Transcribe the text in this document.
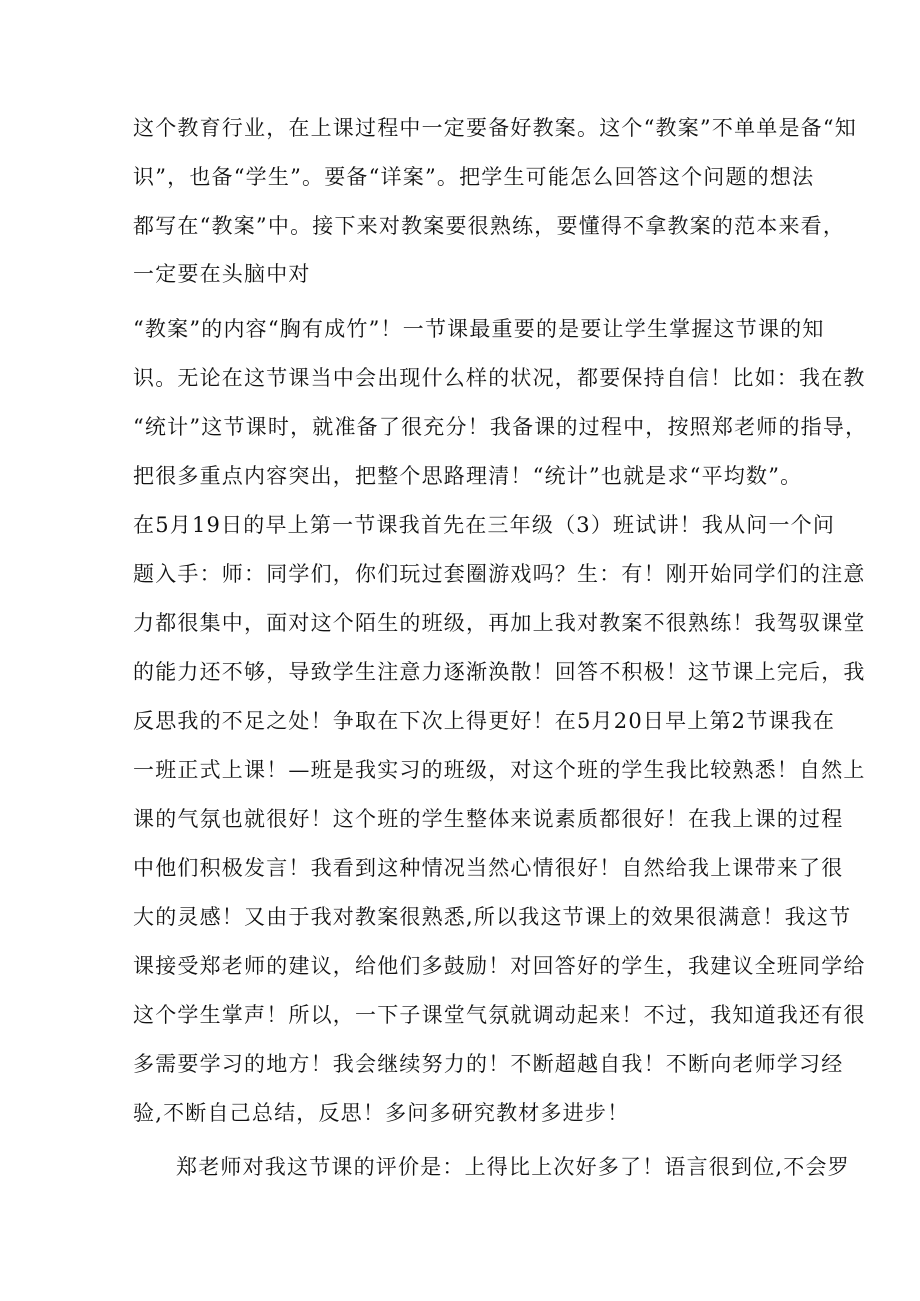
这个教育行业，在上课过程中一定要备好教案。这个“教案”不单单是备“知
识”，也备“学生”。要备“详案”。把学生可能怎么回答这个问题的想法
都写在“教案”中。接下来对教案要很熟练，要懂得不拿教案的范本来看，
一定要在头脑中对
“教案”的内容“胸有成竹”！一节课最重要的是要让学生掌握这节课的知
识。无论在这节课当中会出现什么样的状况，都要保持自信！比如：我在教
“统计”这节课时，就准备了很充分！我备课的过程中，按照郑老师的指导，
把很多重点内容突出，把整个思路理清！“统计”也就是求“平均数”。
在5月19日的早上第一节课我首先在三年级（3）班试讲！我从问一个问
题入手：师：同学们，你们玩过套圈游戏吗？生：有！刚开始同学们的注意
力都很集中，面对这个陌生的班级，再加上我对教案不很熟练！我驾驭课堂
的能力还不够，导致学生注意力逐渐涣散！回答不积极！这节课上完后，我
反思我的不足之处！争取在下次上得更好！在5月20日早上第2节课我在
一班正式上课！—班是我实习的班级，对这个班的学生我比较熟悉！自然上
课的气氛也就很好！这个班的学生整体来说素质都很好！在我上课的过程
中他们积极发言！我看到这种情况当然心情很好！自然给我上课带来了很
大的灵感！又由于我对教案很熟悉,所以我这节课上的效果很满意！我这节
课接受郑老师的建议，给他们多鼓励！对回答好的学生，我建议全班同学给
这个学生掌声！所以，一下子课堂气氛就调动起来！不过，我知道我还有很
多需要学习的地方！我会继续努力的！不断超越自我！不断向老师学习经
验,不断自己总结，反思！多问多研究教材多进步！
郑老师对我这节课的评价是：上得比上次好多了！语言很到位,不会罗
